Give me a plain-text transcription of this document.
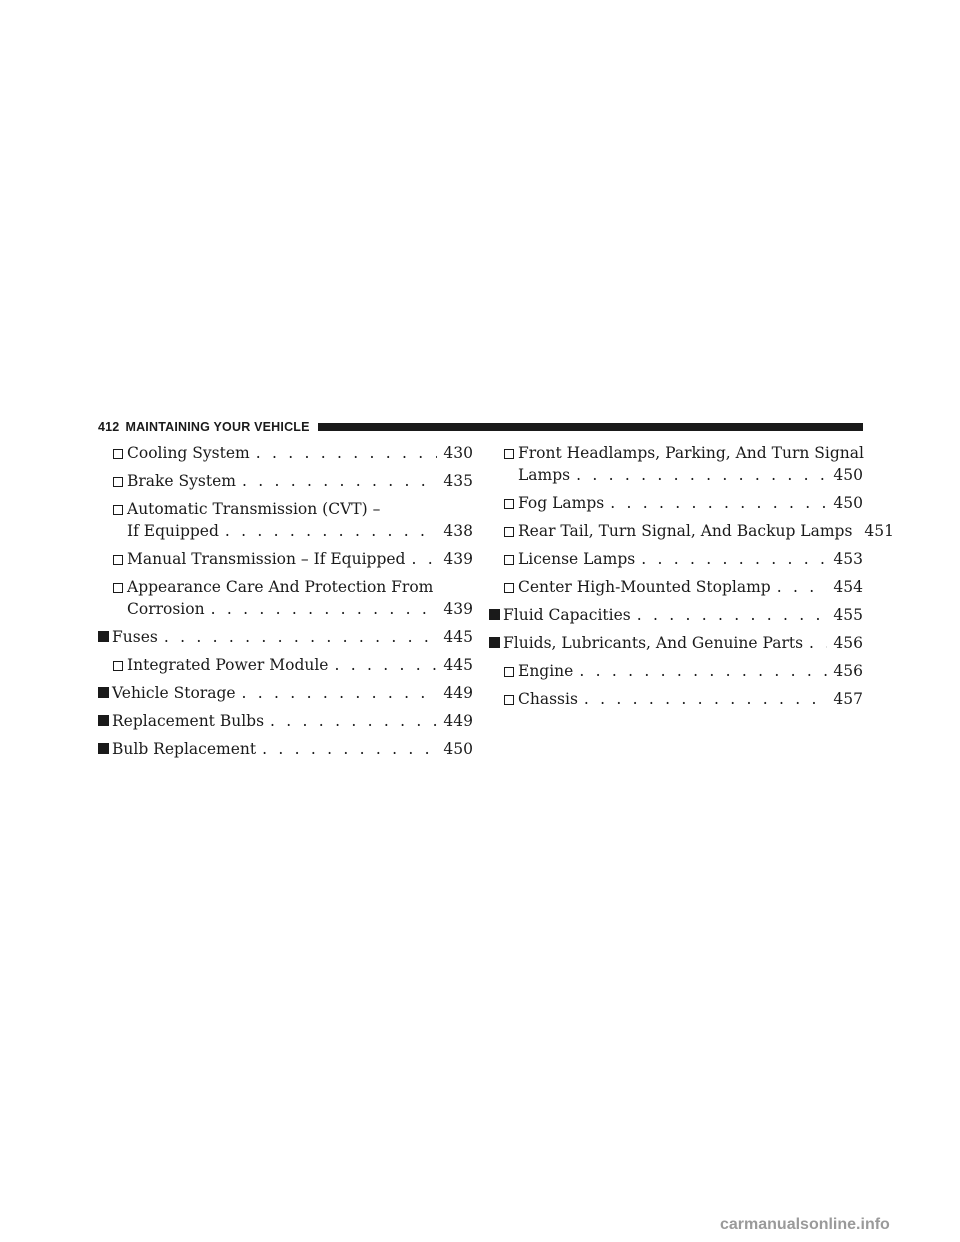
412 MAINTAINING YOUR VEHICLE
Cooling System . . .	430
Brake System . . .	435
Automatic Transmission (CVT) –
If Equipped . . .	438
Manual Transmission – If Equipped . . . 439
Appearance Care And Protection From
Corrosion . . .	439
Fuses . . .	445
Integrated Power Module . . .	445
Vehicle Storage . . .	449
Replacement Bulbs . . .	449
Bulb Replacement . . .	450
Front Headlamps, Parking, And Turn Signal
Lamps . . .	450
Fog Lamps . . .	450
Rear Tail, Turn Signal, And Backup Lamps 451
License Lamps . . .	453
Center High-Mounted Stoplamp . . .	454
Fluid Capacities . . .	455
Fluids, Lubricants, And Genuine Parts . . . 456
Engine . . .	456
Chassis . . .	457
carmanualsonline.info
